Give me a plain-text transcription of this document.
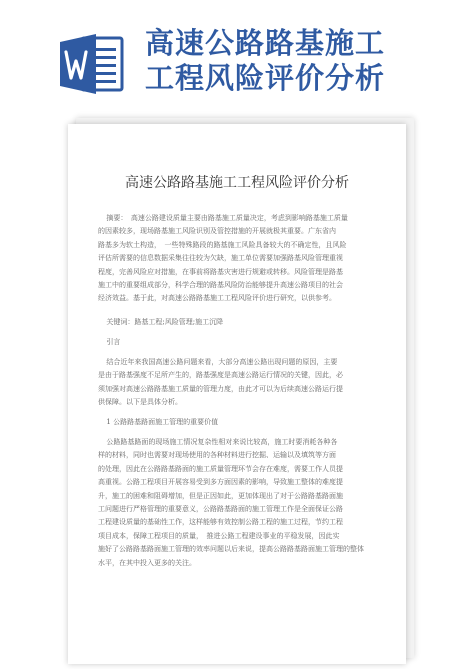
高速公路路基施工
工程风险评价分析
高速公路路基施工工程风险评价分析
摘要：　高速公路建设质量主要由路基施工质量决定，考虑到影响路基施工质量
的因素较多，现场路基施工风险识别及管控措施的开展就极其重要。广东省内
路基多为软土构造，　一些特殊路段的路基施工风险具备较大的不确定性，且风险
评估所需要的信息数据采集往往较为欠缺，施工单位需要加强路基风险管理重视
程度，完善风险应对措施，在事前将路基灾害进行规避或转移。风险管理是路基
施工中的重要组成部分，科学合理的路基风险防治能够提升高速公路项目的社会
经济效益。基于此，对高速公路路基施工工程风险评价进行研究，以供参考。
关键词：路基工程;风险管理;施工沉降
引言
结合近年来我国高速公路问题来看，大部分高速公路出现问题的原因，主要
是由于路基强度不足所产生的，路基强度是高速公路运行情况的关键，因此，必
须加强对高速公路路基施工质量的管理力度，由此才可以为后续高速公路运行提
供保障。以下是具体分析。
1 公路路基路面施工管理的重要价值
公路路基路面的现场施工情况复杂性相对来说比较高，施工时要消耗各种各
样的材料，同时也需要对现场使用的各种材料进行挖掘、运输以及填筑等方面
的处理，因此在公路路基路面的施工质量管理环节会存在难度，需要工作人员提
高重视。公路工程项目开展容易受到多方面因素的影响，导致施工整体的难度提
升，施工的困难和阻碍增加，但是正因如此，更加体现出了对于公路路基路面施
工问题进行严格管理的重要意义，公路路基路面的施工管理工作是全面保证公路
工程建设质量的基础性工作，这样能够有效控制公路工程的施工过程，节约工程
项目成本，保障工程项目的质量，　推进公路工程建设事业的平稳发展，因此实
施好了公路路基路面施工管理的效率问题以后来说，提高公路路基路面施工管理的整体
水平，在其中投入更多的关注。
